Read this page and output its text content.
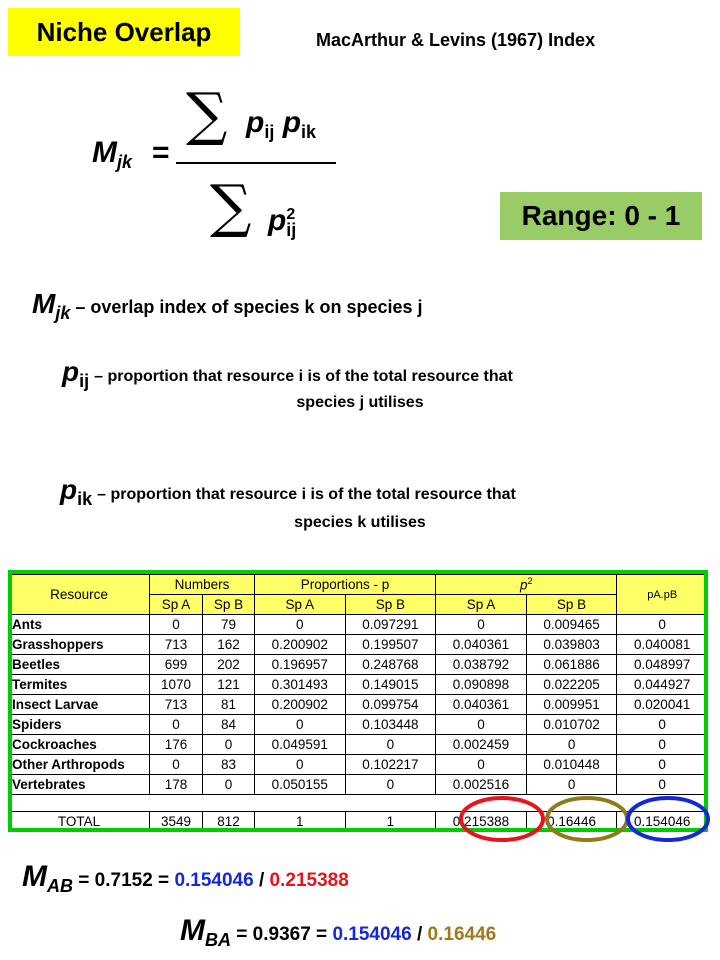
Niche Overlap	MacArthur & Levins (1967) Index
$M_{jk}$ =
∑ $p_{ij}$ $p_{ik}$
∑ $p^2_{ij}$	Range: 0 - 1
Mjk – overlap index of species k on species j
pij – proportion that resource i is of the total resource that
species j utilises
pik – proportion that resource i is of the total resource that
species k utilises
Resource	Numbers		Proportions - p		$p^2$		pA.pB
	Sp A	Sp B	Sp A	Sp B	Sp A	Sp B	
Ants	0	79	0	0.097291	0	0.009465	0
Grasshoppers	713	162	0.200902	0.199507	0.040361	0.039803	0.040081
Beetles	699	202	0.196957	0.248768	0.038792	0.061886	0.048997
Termites	1070	121	0.301493	0.149015	0.090898	0.022205	0.044927
Insect Larvae	713	81	0.200902	0.099754	0.040361	0.009951	0.020041
Spiders	0	84	0	0.103448	0	0.010702	0
Cockroaches	176	0	0.049591	0	0.002459	0	0
Other Arthropods	0	83	0	0.102217	0	0.010448	0
Vertebrates	178	0	0.050155	0	0.002516	0	0

TOTAL	3549	812	1	1	0.215388	0.16446	0.154046
MAB = 0.7152 = 0.154046 / 0.215388
MBA = 0.9367 = 0.154046 / 0.16446
